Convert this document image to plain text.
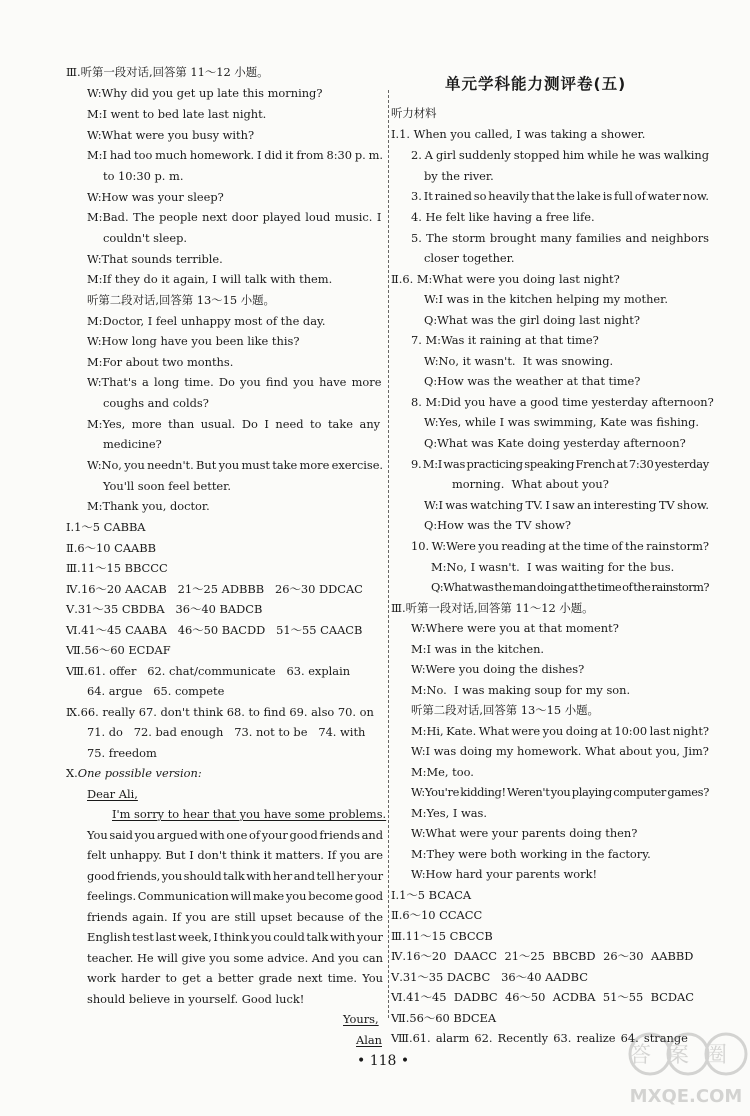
Ⅲ.听第一段对话,回答第 11～12 小题。
W:Why did you get up late this morning?
M:I went to bed late last night.
W:What were you busy with?
M:I had too much homework. I did it from 8:30 p. m.
to 10:30 p. m.
W:How was your sleep?
M:Bad. The people next door played loud music. I
couldn't sleep.
W:That sounds terrible.
M:If they do it again, I will talk with them.
听第二段对话,回答第 13～15 小题。
M:Doctor, I feel unhappy most of the day.
W:How long have you been like this?
M:For about two months.
W:That's a long time. Do you find you have more
coughs and colds?
M:Yes, more than usual. Do I need to take any
medicine?
W:No, you needn't. But you must take more exercise.
You'll soon feel better.
M:Thank you, doctor.
Ⅰ.1～5 CABBA
Ⅱ.6～10 CAABB
Ⅲ.11～15 BBCCC
Ⅳ.16～20 AACAB   21～25 ADBBB   26～30 DDCAC
Ⅴ.31～35 CBDBA   36～40 BADCB
Ⅵ.41～45 CAABA   46～50 BACDD   51～55 CAACB
Ⅶ.56～60 ECDAF
Ⅷ.61. offer   62. chat/communicate   63. explain
64. argue   65. compete
Ⅸ.66. really 67. don't think 68. to find 69. also 70. on
71. do   72. bad enough   73. not to be   74. with
75. freedom
Ⅹ.One possible version:
Dear Ali,
I'm sorry to hear that you have some problems.
You said you argued with one of your good friends and
felt unhappy. But I don't think it matters. If you are
good friends, you should talk with her and tell her your
feelings. Communication will make you become good
friends again. If you are still upset because of the
English test last week, I think you could talk with your
teacher. He will give you some advice. And you can
work harder to get a better grade next time. You
should believe in yourself. Good luck!
Yours,
Alan
听力材料
Ⅰ.1. When you called, I was taking a shower.
2. A girl suddenly stopped him while he was walking
by the river.
3. It rained so heavily that the lake is full of water now.
4. He felt like having a free life.
5. The storm brought many families and neighbors
closer together.
Ⅱ.6. M:What were you doing last night?
W:I was in the kitchen helping my mother.
Q:What was the girl doing last night?
7. M:Was it raining at that time?
W:No, it wasn't.  It was snowing.
Q:How was the weather at that time?
8. M:Did you have a good time yesterday afternoon?
W:Yes, while I was swimming, Kate was fishing.
Q:What was Kate doing yesterday afternoon?
9. M:I was practicing speaking French at 7:30 yesterday
morning.  What about you?
W:I was watching TV. I saw an interesting TV show.
Q:How was the TV show?
10. W:Were you reading at the time of the rainstorm?
M:No, I wasn't.  I was waiting for the bus.
Q:What was the man doing at the time of the rainstorm?
Ⅲ.听第一段对话,回答第 11～12 小题。
W:Where were you at that moment?
M:I was in the kitchen.
W:Were you doing the dishes?
M:No.  I was making soup for my son.
听第二段对话,回答第 13～15 小题。
M:Hi, Kate. What were you doing at 10:00 last night?
W:I was doing my homework. What about you, Jim?
M:Me, too.
W:You're kidding! Weren't you playing computer games?
M:Yes, I was.
W:What were your parents doing then?
M:They were both working in the factory.
W:How hard your parents work!
Ⅰ.1～5 BCACA
Ⅱ.6～10 CCACC
Ⅲ.11～15 CBCCB
Ⅳ.16～20 DAACC 21～25 BBCBD 26～30 AABBD
Ⅴ.31～35 DACBC   36～40 AADBC
Ⅵ.41～45 DADBC 46～50 ACDBA 51～55 BCDAC
Ⅶ.56～60 BDCEA
Ⅷ.61. alarm 62. Recently 63. realize 64. strange
单元学科能力测评卷(五)
• 118 •	答案圈
MXQE.COM
